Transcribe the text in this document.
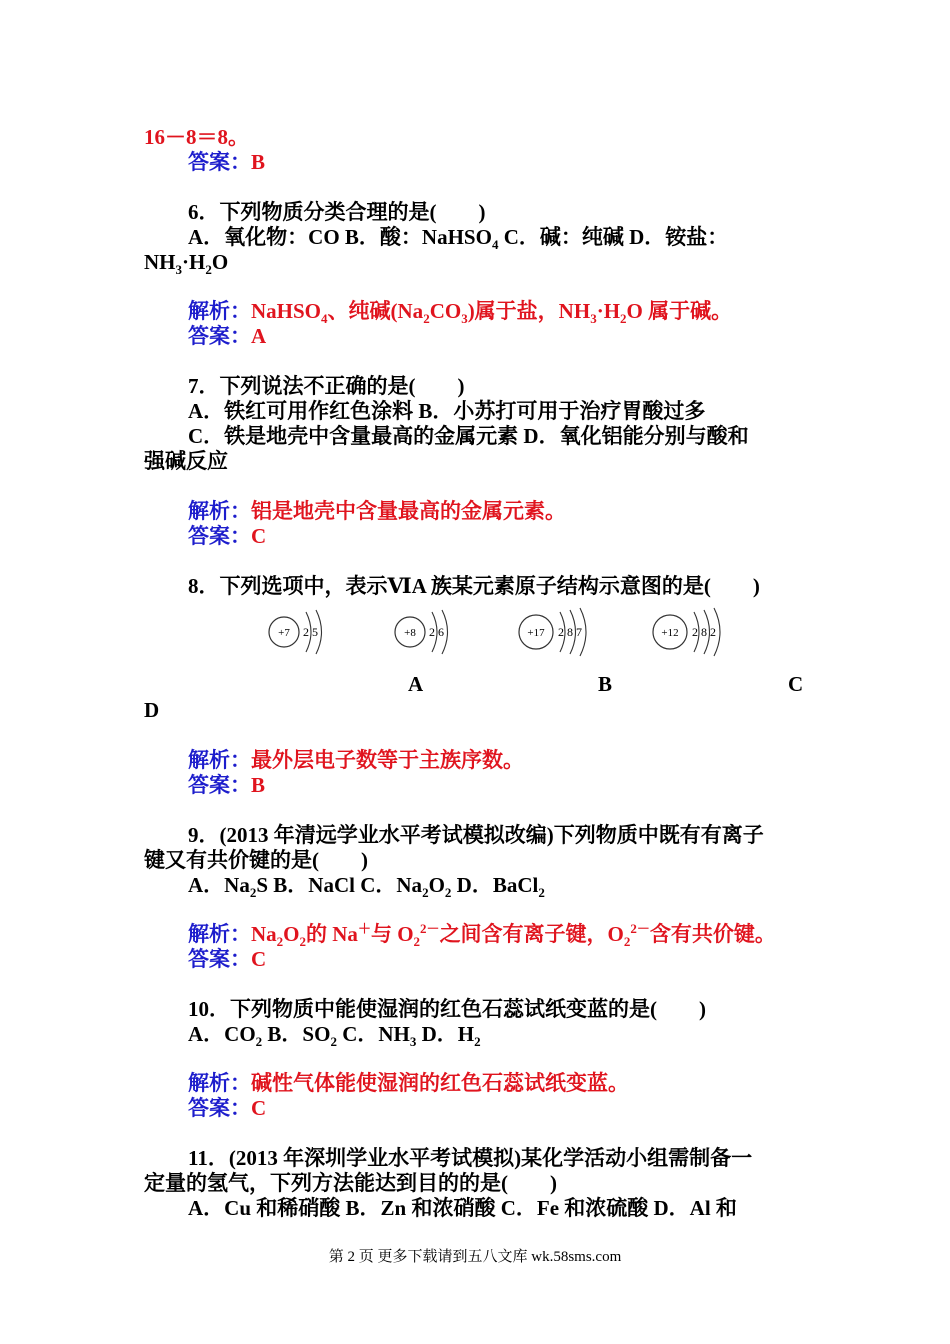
16－8＝8。
答案：B
6．下列物质分类合理的是(　　)
A．氧化物：CO B．酸：NaHSO$_4$ C．碱：纯碱 D．铵盐：
$NH_3\cdot H_2O$
解析：NaHSO$_4$、纯碱$(Na_2CO_3)$属于盐，$NH_3\cdot H_2O$ 属于碱。
答案：A
7．下列说法不正确的是(　　)
A．铁红可用作红色涂料 B．小苏打可用于治疗胃酸过多
C．铁是地壳中含量最高的金属元素 D．氧化铝能分别与酸和
强碱反应
解析：铝是地壳中含量最高的金属元素。
答案：C
8．下列选项中，表示ⅥA 族某元素原子结构示意图的是(　　)
+7 2 5	+8 2 6	+17 2 8 7	+12 2 8 2
A	B	C
D
解析：最外层电子数等于主族序数。
答案：B
9．(2013 年清远学业水平考试模拟改编)下列物质中既有有离子
键又有共价键的是(　　)
A．$Na_2S$ B．NaCl C．$Na_2O_2$ D．BaCl$_2$
解析：$Na_2O_2$的 Na＋与 $O_2^{2-}$之间含有离子键，$O_2^{2-}$含有共价键。
答案：C
10．下列物质中能使湿润的红色石蕊试纸变蓝的是(　　)
A．$CO_2$ B．$SO_2$ C．$NH_3$ D．$H_2$
解析：碱性气体能使湿润的红色石蕊试纸变蓝。
答案：C
11．(2013 年深圳学业水平考试模拟)某化学活动小组需制备一
定量的氢气，下列方法能达到目的的是(　　)
A．Cu 和稀硝酸 B．Zn 和浓硝酸 C．Fe 和浓硫酸 D．Al 和
第 2 页 更多下载请到五八文库 wk.58sms.com
